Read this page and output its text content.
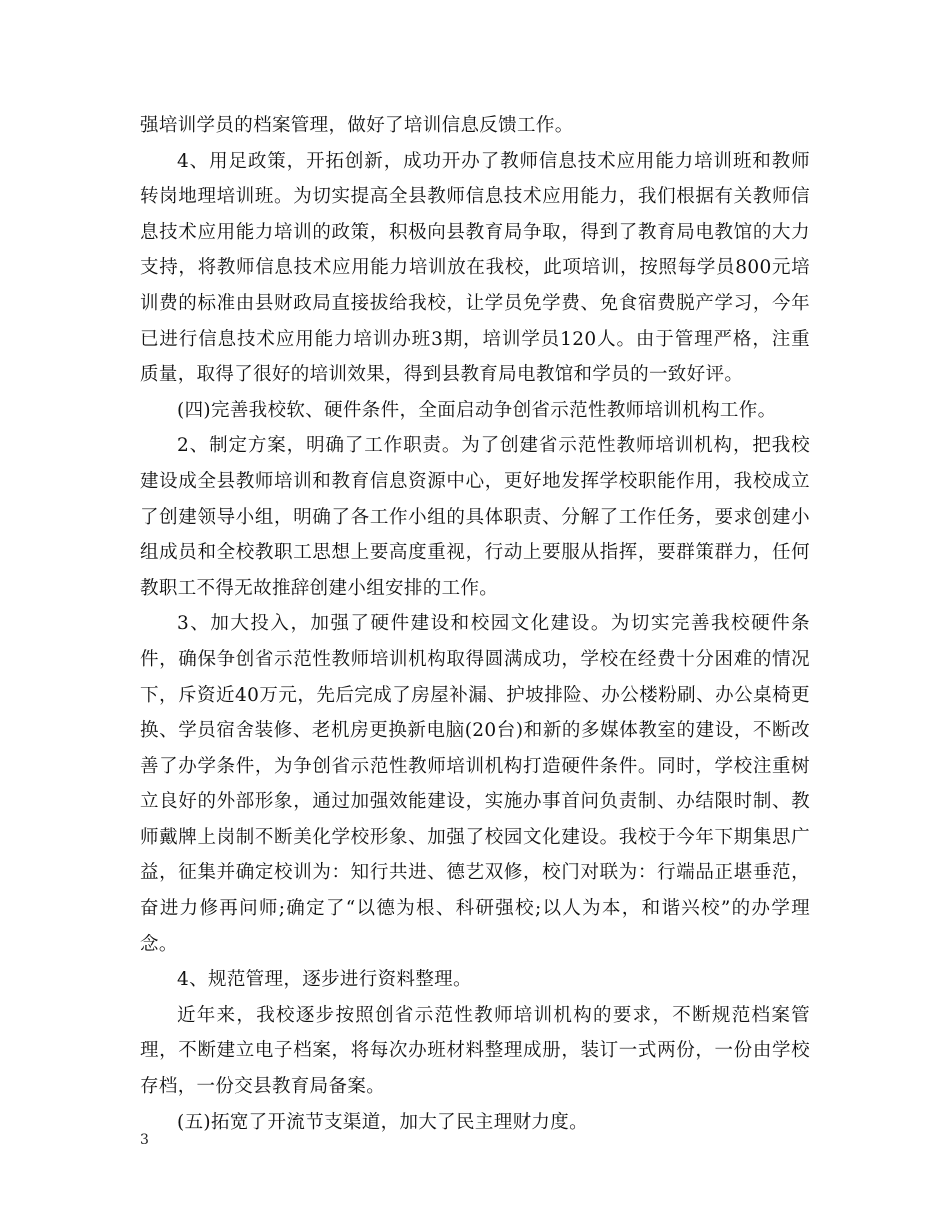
强培训学员的档案管理，做好了培训信息反馈工作。

4、用足政策，开拓创新，成功开办了教师信息技术应用能力培训班和教师转岗地理培训班。为切实提高全县教师信息技术应用能力，我们根据有关教师信息技术应用能力培训的政策，积极向县教育局争取，得到了教育局电教馆的大力支持，将教师信息技术应用能力培训放在我校，此项培训，按照每学员800元培训费的标准由县财政局直接拔给我校，让学员免学费、免食宿费脱产学习，今年已进行信息技术应用能力培训办班3期，培训学员120人。由于管理严格，注重质量，取得了很好的培训效果，得到县教育局电教馆和学员的一致好评。

(四)完善我校软、硬件条件，全面启动争创省示范性教师培训机构工作。

2、制定方案，明确了工作职责。为了创建省示范性教师培训机构，把我校建设成全县教师培训和教育信息资源中心，更好地发挥学校职能作用，我校成立了创建领导小组，明确了各工作小组的具体职责、分解了工作任务，要求创建小组成员和全校教职工思想上要高度重视，行动上要服从指挥，要群策群力，任何教职工不得无故推辞创建小组安排的工作。

3、加大投入，加强了硬件建设和校园文化建设。为切实完善我校硬件条件，确保争创省示范性教师培训机构取得圆满成功，学校在经费十分困难的情况下，斥资近40万元，先后完成了房屋补漏、护坡排险、办公楼粉刷、办公桌椅更换、学员宿舍装修、老机房更换新电脑(20台)和新的多媒体教室的建设，不断改善了办学条件，为争创省示范性教师培训机构打造硬件条件。同时，学校注重树立良好的外部形象，通过加强效能建设，实施办事首问负责制、办结限时制、教师戴牌上岗制不断美化学校形象、加强了校园文化建设。我校于今年下期集思广益，征集并确定校训为：知行共进、德艺双修，校门对联为：行端品正堪垂范，奋进力修再问师;确定了“以德为根、科研强校;以人为本，和谐兴校”的办学理念。

4、规范管理，逐步进行资料整理。

近年来，我校逐步按照创省示范性教师培训机构的要求，不断规范档案管理，不断建立电子档案，将每次办班材料整理成册，装订一式两份，一份由学校存档，一份交县教育局备案。

(五)拓宽了开流节支渠道，加大了民主理财力度。

3
